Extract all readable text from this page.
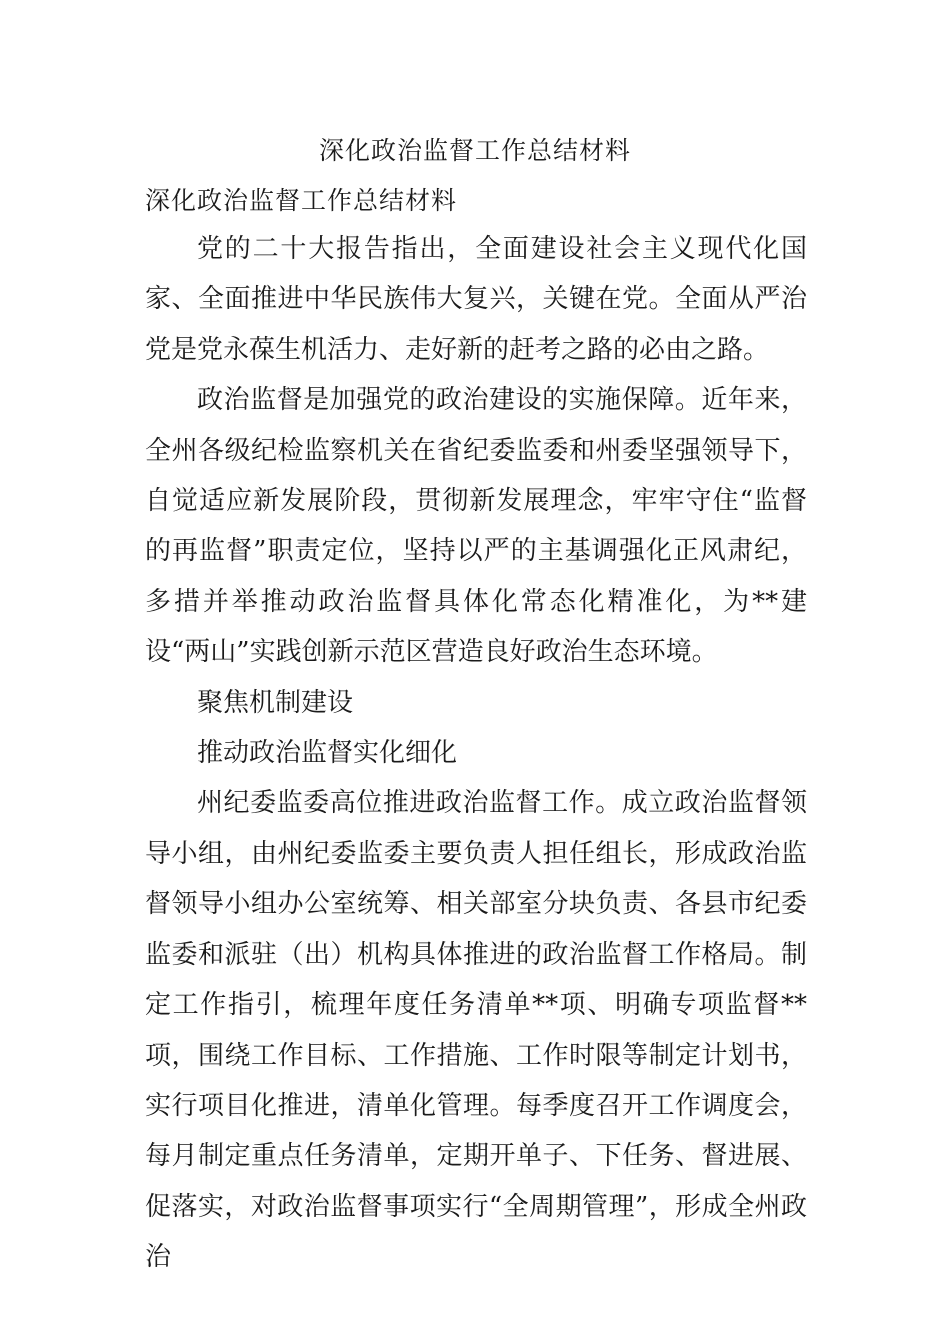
深化政治监督工作总结材料
深化政治监督工作总结材料

党的二十大报告指出，全面建设社会主义现代化国家、全面推进中华民族伟大复兴，关键在党。全面从严治党是党永葆生机活力、走好新的赶考之路的必由之路。

政治监督是加强党的政治建设的实施保障。近年来，全州各级纪检监察机关在省纪委监委和州委坚强领导下，自觉适应新发展阶段，贯彻新发展理念，牢牢守住“监督的再监督”职责定位，坚持以严的主基调强化正风肃纪，多措并举推动政治监督具体化常态化精准化，为**建设“两山”实践创新示范区营造良好政治生态环境。

聚焦机制建设

推动政治监督实化细化

州纪委监委高位推进政治监督工作。成立政治监督领导小组，由州纪委监委主要负责人担任组长，形成政治监督领导小组办公室统筹、相关部室分块负责、各县市纪委监委和派驻（出）机构具体推进的政治监督工作格局。制定工作指引，梳理年度任务清单**项、明确专项监督**项，围绕工作目标、工作措施、工作时限等制定计划书，实行项目化推进，清单化管理。每季度召开工作调度会，每月制定重点任务清单，定期开单子、下任务、督进展、促落实，对政治监督事项实行“全周期管理”，形成全州政治
